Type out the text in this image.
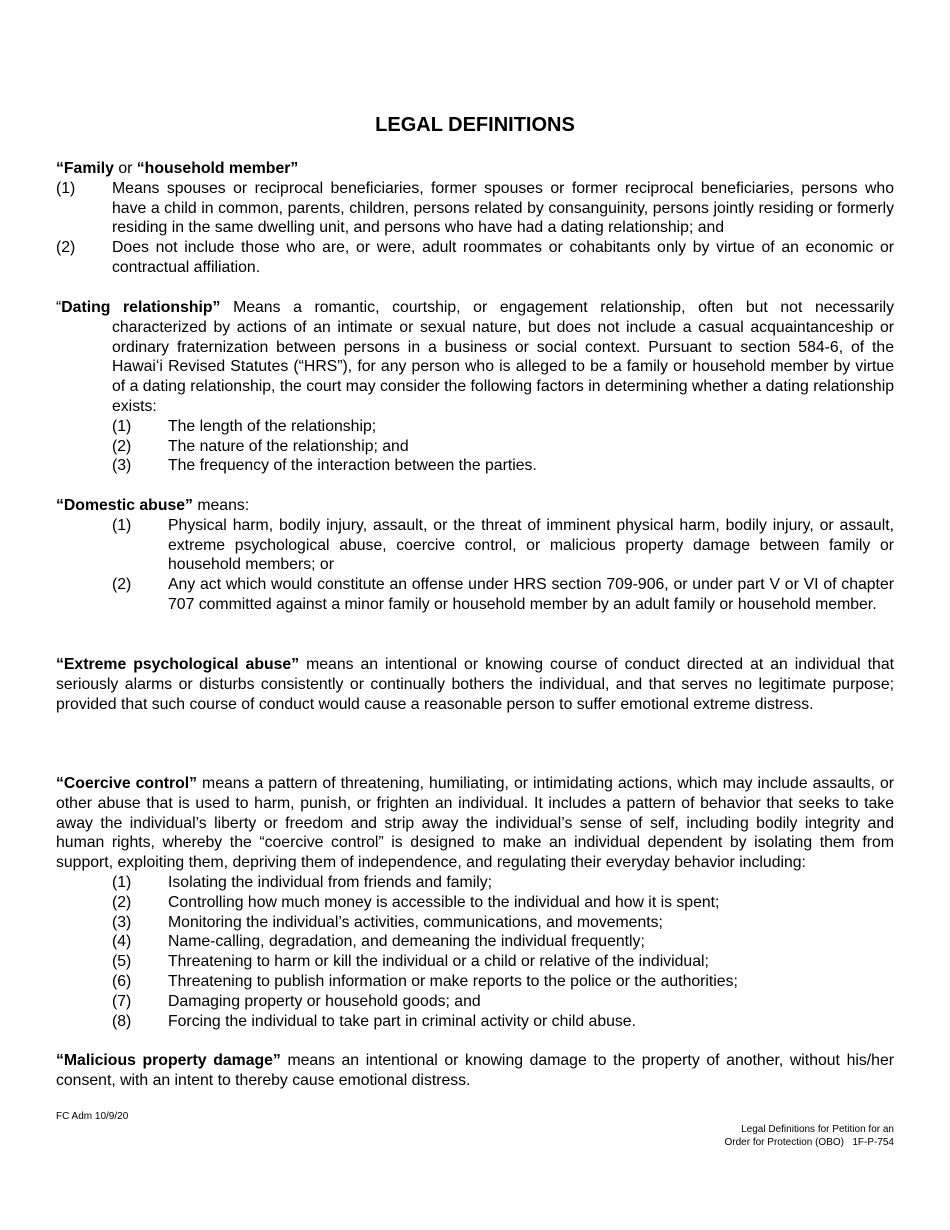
LEGAL DEFINITIONS
“Family or “household member”
(1) Means spouses or reciprocal beneficiaries, former spouses or former reciprocal beneficiaries, persons who have a child in common, parents, children, persons related by consanguinity, persons jointly residing or formerly residing in the same dwelling unit, and persons who have had a dating relationship; and
(2) Does not include those who are, or were, adult roommates or cohabitants only by virtue of an economic or contractual affiliation.
“Dating relationship” Means a romantic, courtship, or engagement relationship, often but not necessarily characterized by actions of an intimate or sexual nature, but does not include a casual acquaintanceship or ordinary fraternization between persons in a business or social context. Pursuant to section 584-6, of the Hawaiʻi Revised Statutes (“HRS”), for any person who is alleged to be a family or household member by virtue of a dating relationship, the court may consider the following factors in determining whether a dating relationship exists:
(1) The length of the relationship;
(2) The nature of the relationship; and
(3) The frequency of the interaction between the parties.
“Domestic abuse” means:
(1) Physical harm, bodily injury, assault, or the threat of imminent physical harm, bodily injury, or assault, extreme psychological abuse, coercive control, or malicious property damage between family or household members; or
(2) Any act which would constitute an offense under HRS section 709-906, or under part V or VI of chapter 707 committed against a minor family or household member by an adult family or household member.
“Extreme psychological abuse” means an intentional or knowing course of conduct directed at an individual that seriously alarms or disturbs consistently or continually bothers the individual, and that serves no legitimate purpose; provided that such course of conduct would cause a reasonable person to suffer emotional extreme distress.
“Coercive control” means a pattern of threatening, humiliating, or intimidating actions, which may include assaults, or other abuse that is used to harm, punish, or frighten an individual. It includes a pattern of behavior that seeks to take away the individual’s liberty or freedom and strip away the individual’s sense of self, including bodily integrity and human rights, whereby the “coercive control” is designed to make an individual dependent by isolating them from support, exploiting them, depriving them of independence, and regulating their everyday behavior including:
(1) Isolating the individual from friends and family;
(2) Controlling how much money is accessible to the individual and how it is spent;
(3) Monitoring the individual’s activities, communications, and movements;
(4) Name-calling, degradation, and demeaning the individual frequently;
(5) Threatening to harm or kill the individual or a child or relative of the individual;
(6) Threatening to publish information or make reports to the police or the authorities;
(7) Damaging property or household goods; and
(8) Forcing the individual to take part in criminal activity or child abuse.
“Malicious property damage” means an intentional or knowing damage to the property of another, without his/her consent, with an intent to thereby cause emotional distress.
FC Adm 10/9/20
Legal Definitions for Petition for an
Order for Protection (OBO)   1F-P-754
